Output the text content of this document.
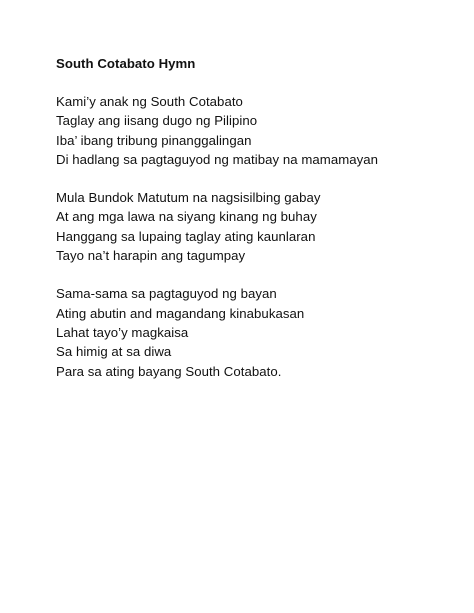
South Cotabato Hymn
Kami’y anak ng South Cotabato
Taglay ang iisang dugo ng Pilipino
Iba’ ibang tribung pinanggalingan
Di hadlang sa pagtaguyod ng matibay na mamamayan
Mula Bundok Matutum na nagsisilbing gabay
At ang mga lawa na siyang kinang ng buhay
Hanggang sa lupaing taglay ating kaunlaran
Tayo na’t harapin ang tagumpay
Sama-sama sa pagtaguyod ng bayan
Ating abutin and magandang kinabukasan
Lahat tayo’y magkaisa
Sa himig at sa diwa
Para sa ating bayang South Cotabato.
